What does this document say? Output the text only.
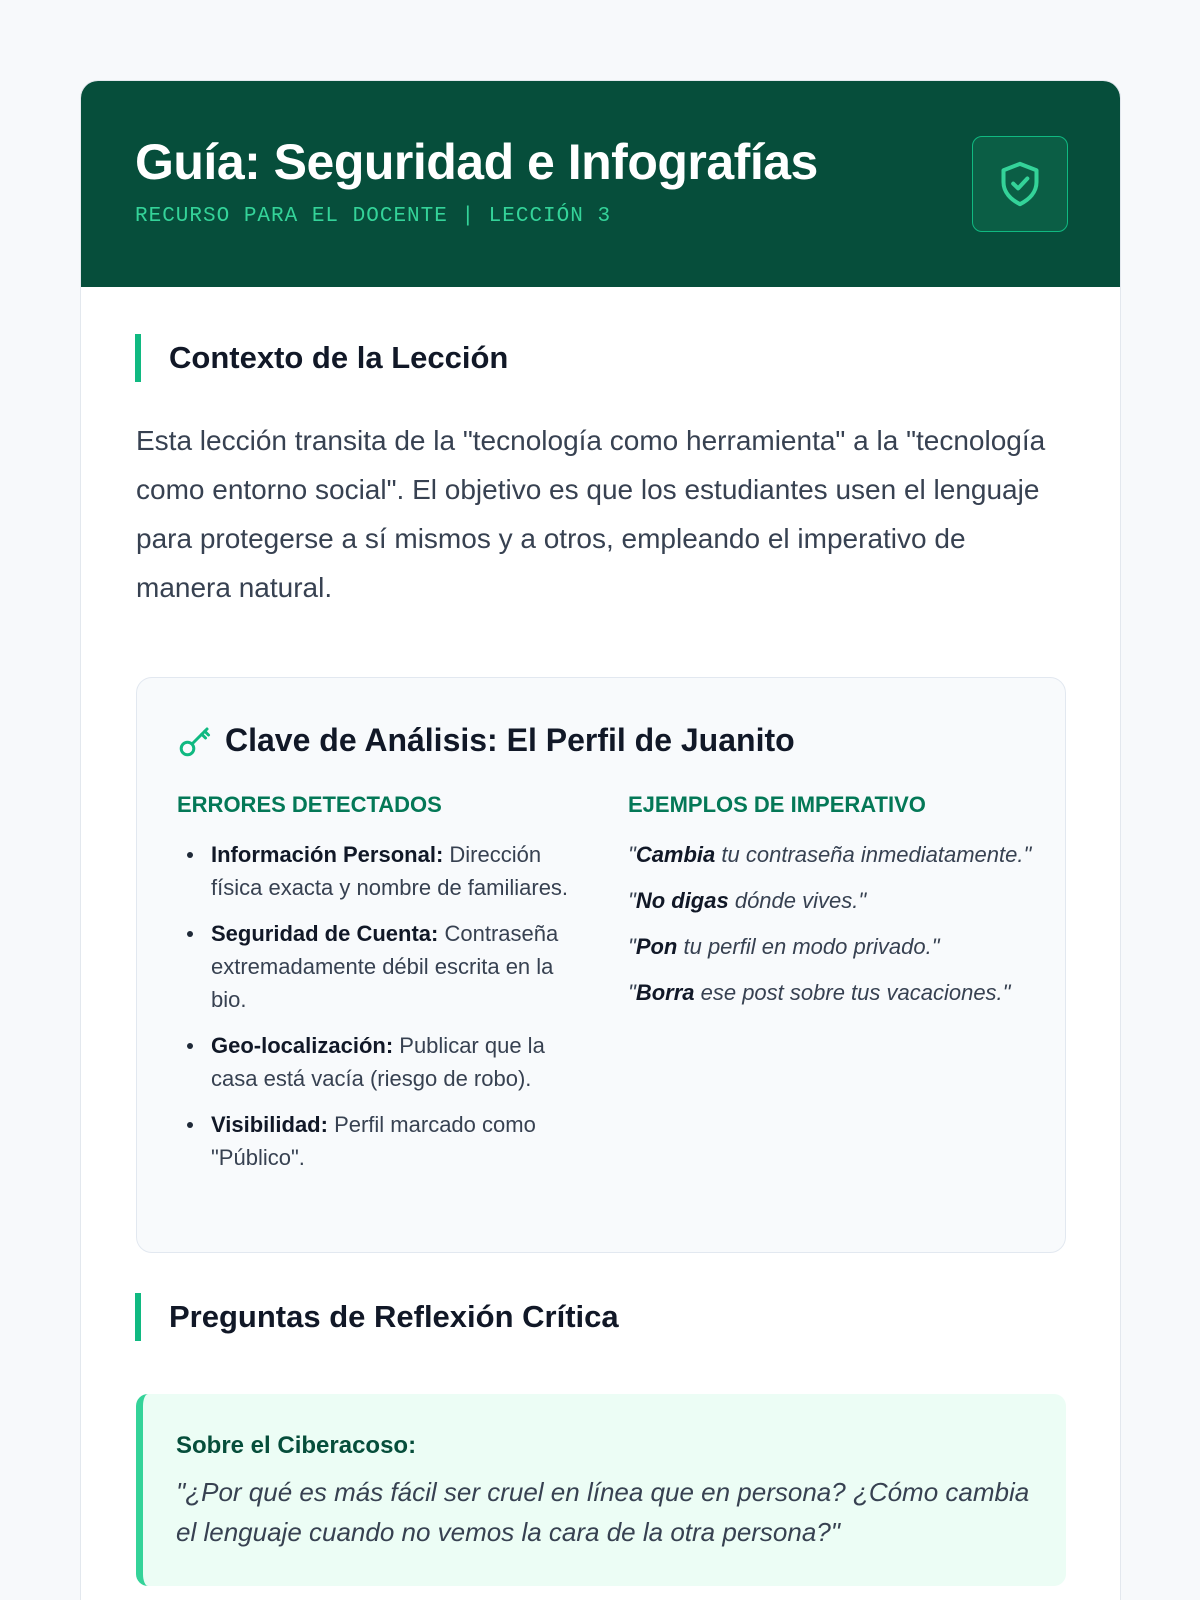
Guía: Seguridad e Infografías
RECURSO PARA EL DOCENTE | LECCIÓN 3
Contexto de la Lección

Esta lección transita de la "tecnología como herramienta" a la "tecnología como entorno social". El objetivo es que los estudiantes usen el lenguaje para protegerse a sí mismos y a otros, empleando el imperativo de manera natural.

Clave de Análisis: El Perfil de Juanito
ERRORES DETECTADOS
Información Personal: Dirección física exacta y nombre de familiares.
Seguridad de Cuenta: Contraseña extremadamente débil escrita en la bio.
Geo-localización: Publicar que la casa está vacía (riesgo de robo).
Visibilidad: Perfil marcado como "Público".
EJEMPLOS DE IMPERATIVO

"Cambia tu contraseña inmediatamente."

"No digas dónde vives."

"Pon tu perfil en modo privado."

"Borra ese post sobre tus vacaciones."

Preguntas de Reflexión Crítica
Sobre el Ciberacoso:
"¿Por qué es más fácil ser cruel en línea que en persona? ¿Cómo cambia el lenguaje cuando no vemos la cara de la otra persona?"
